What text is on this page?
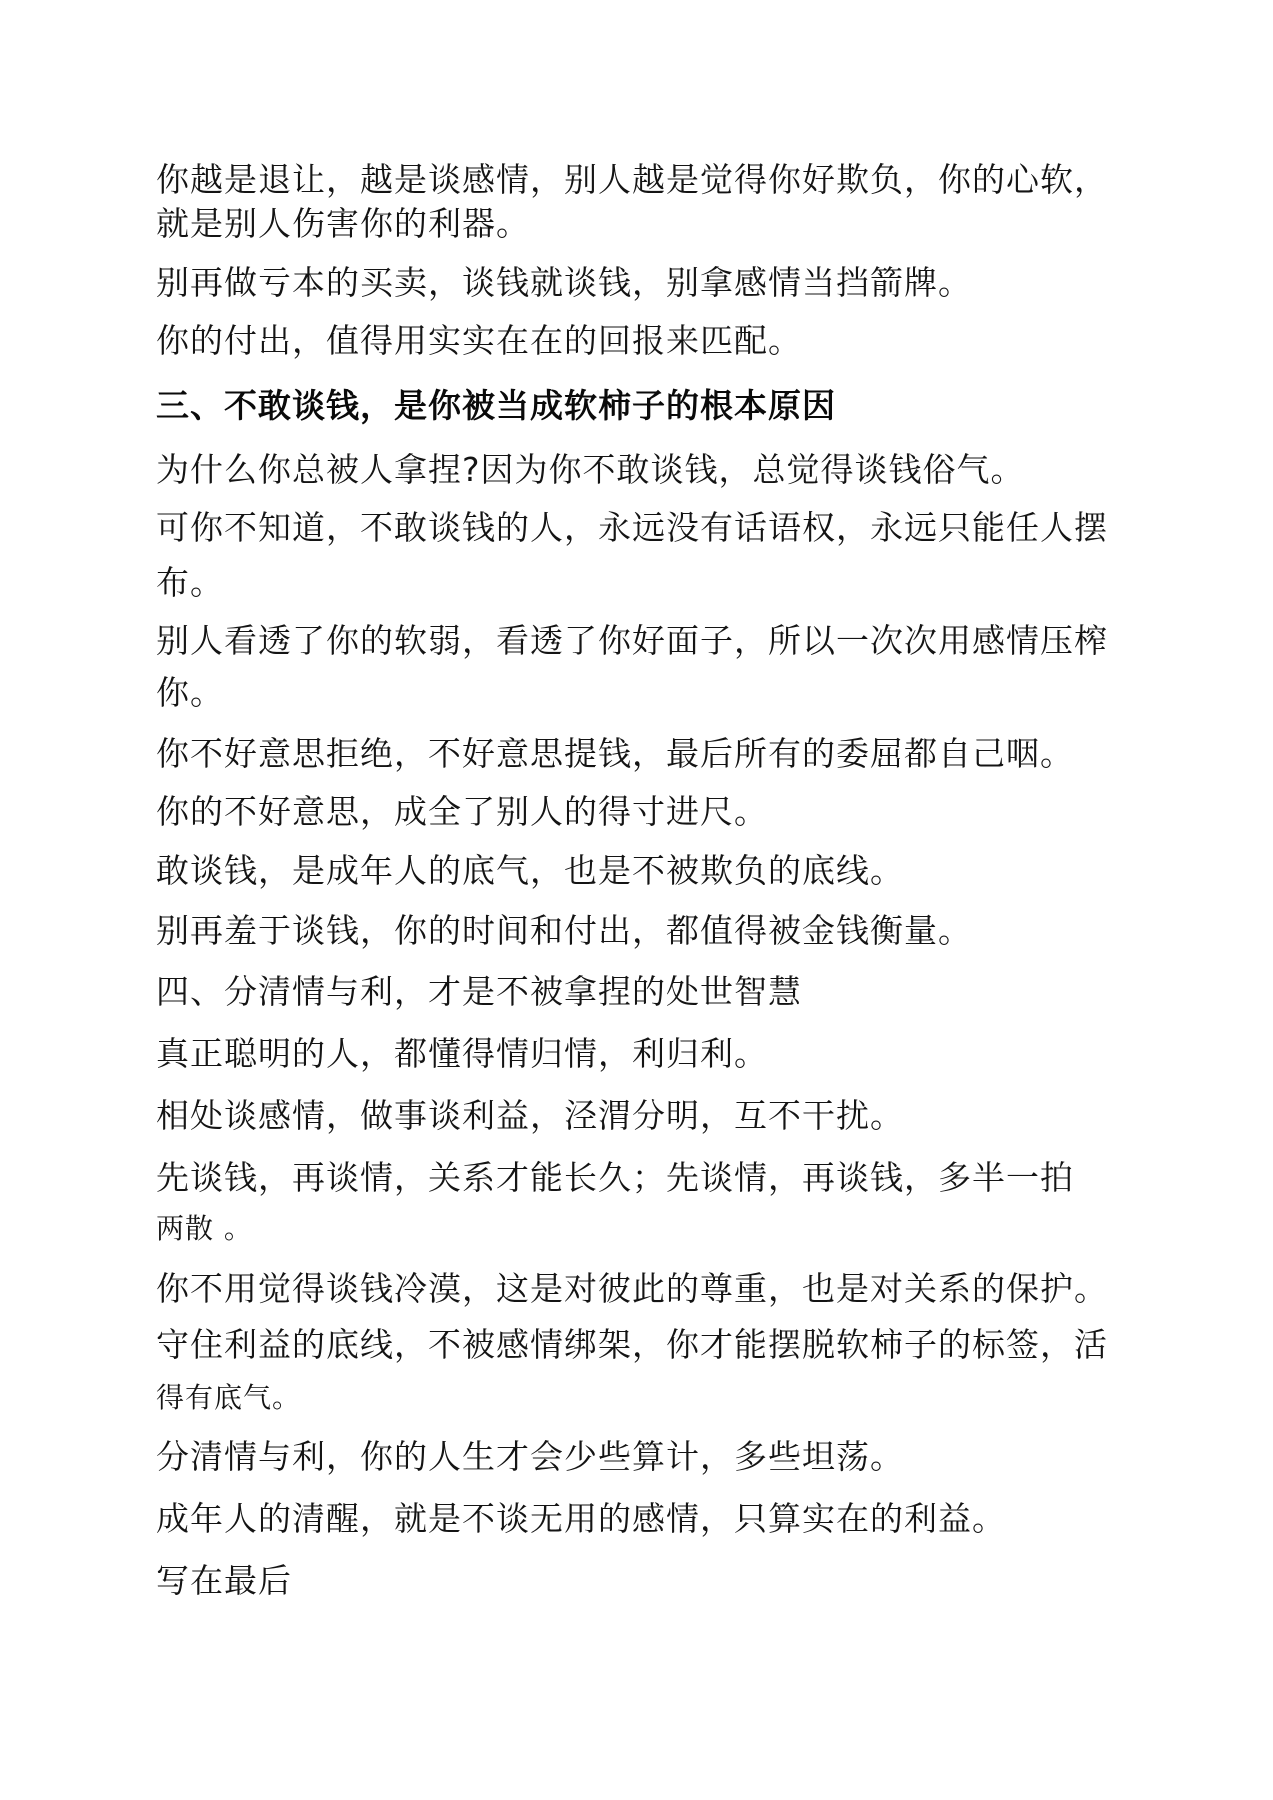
你越是退让，越是谈感情，别人越是觉得你好欺负，你的心软，
就是别人伤害你的利器。
别再做亏本的买卖，谈钱就谈钱，别拿感情当挡箭牌。
你的付出，值得用实实在在的回报来匹配。
三、不敢谈钱，是你被当成软柿子的根本原因
为什么你总被人拿捏?因为你不敢谈钱，总觉得谈钱俗气。
可你不知道，不敢谈钱的人，永远没有话语权，永远只能任人摆
布。
别人看透了你的软弱，看透了你好面子，所以一次次用感情压榨
你。
你不好意思拒绝，不好意思提钱，最后所有的委屈都自己咽。
你的不好意思，成全了别人的得寸进尺。
敢谈钱，是成年人的底气，也是不被欺负的底线。
别再羞于谈钱，你的时间和付出，都值得被金钱衡量。
四、分清情与利，才是不被拿捏的处世智慧
真正聪明的人，都懂得情归情，利归利。
相处谈感情，做事谈利益，泾渭分明，互不干扰。
先谈钱，再谈情，关系才能长久；先谈情，再谈钱，多半一拍
两散 。
你不用觉得谈钱冷漠，这是对彼此的尊重，也是对关系的保护。
守住利益的底线，不被感情绑架，你才能摆脱软柿子的标签，活
得有底气。
分清情与利，你的人生才会少些算计，多些坦荡。
成年人的清醒，就是不谈无用的感情，只算实在的利益。
写在最后
